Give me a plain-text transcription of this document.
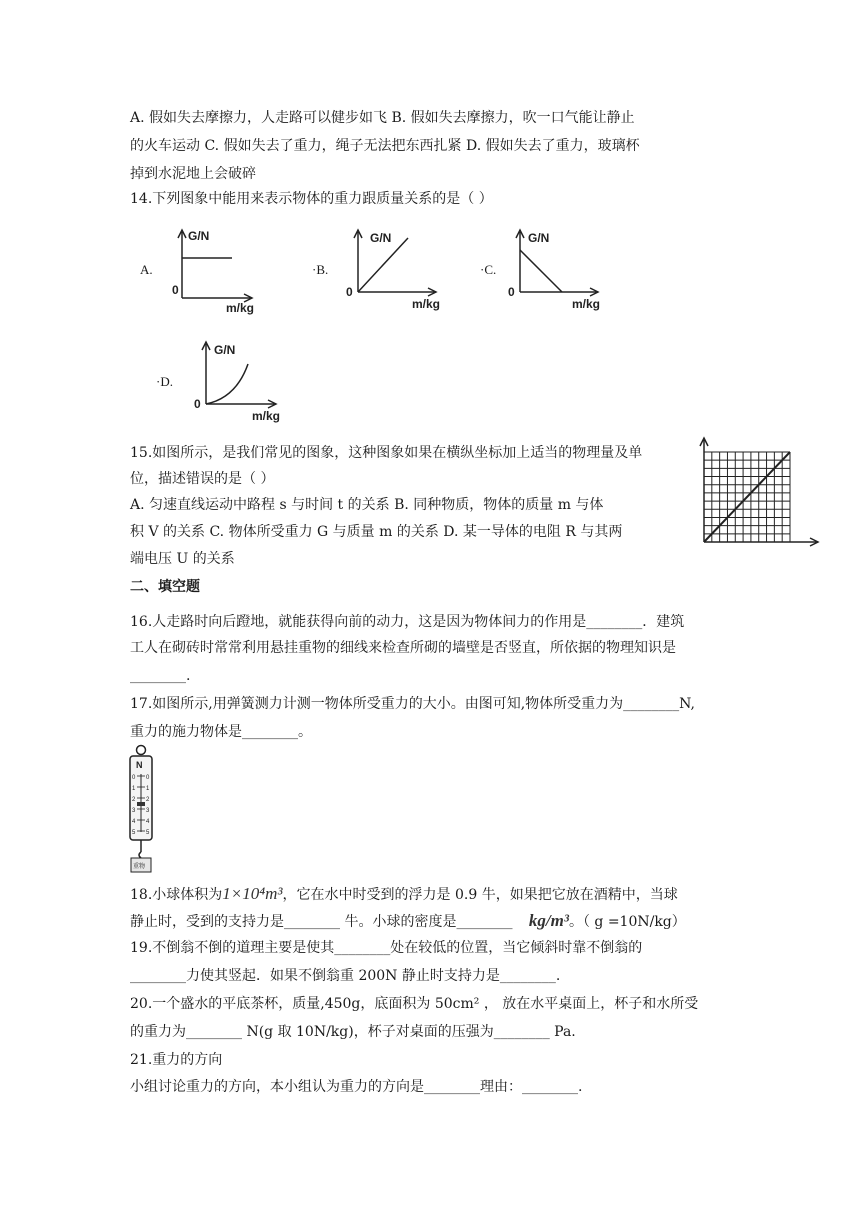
A. 假如失去摩擦力，人走路可以健步如飞 B. 假如失去摩擦力，吹一口气能让静止
的火车运动 C. 假如失去了重力，绳子无法把东西扎紧 D. 假如失去了重力，玻璃杯
掉到水泥地上会破碎
14.下列图象中能用来表示物体的重力跟质量关系的是（ ）
A.
G/N
m/kg
0
·B.
G/N
m/kg
0
·C.
G/N
m/kg
0
·D.
G/N
m/kg
0
15.如图所示，是我们常见的图象，这种图象如果在横纵坐标加上适当的物理量及单
位，描述错误的是（ ）
A. 匀速直线运动中路程 s 与时间 t 的关系 B. 同种物质，物体的质量 m 与体
积 V 的关系 C. 物体所受重力 G 与质量 m 的关系 D. 某一导体的电阻 R 与其两
端电压 U 的关系
二、填空题
16.人走路时向后蹬地，就能获得向前的动力，这是因为物体间力的作用是________．建筑
工人在砌砖时常常利用悬挂重物的细线来检查所砌的墙壁是否竖直，所依据的物理知识是
________.
17.如图所示,用弹簧测力计测一物体所受重力的大小。由图可知,物体所受重力为________N,
重力的施力物体是________。
N
0 0
1 1
2 2
3 3
4 4
5 5
重物
18.小球体积为1×10⁴m³，它在水中时受到的浮力是 0.9 牛，如果把它放在酒精中，当球
静止时，受到的支持力是________ 牛。小球的密度是________ kg/m³。（ g =10N/kg）
19.不倒翁不倒的道理主要是使其________处在较低的位置，当它倾斜时靠不倒翁的
________力使其竖起．如果不倒翁重 200N 静止时支持力是________.
20.一个盛水的平底茶杯，质量,450g，底面积为 50cm² ， 放在水平桌面上，杯子和水所受
的重力为________ N(g 取 10N/kg)，杯子对桌面的压强为________ Pa.
21.重力的方向
小组讨论重力的方向，本小组认为重力的方向是________理由：________.
